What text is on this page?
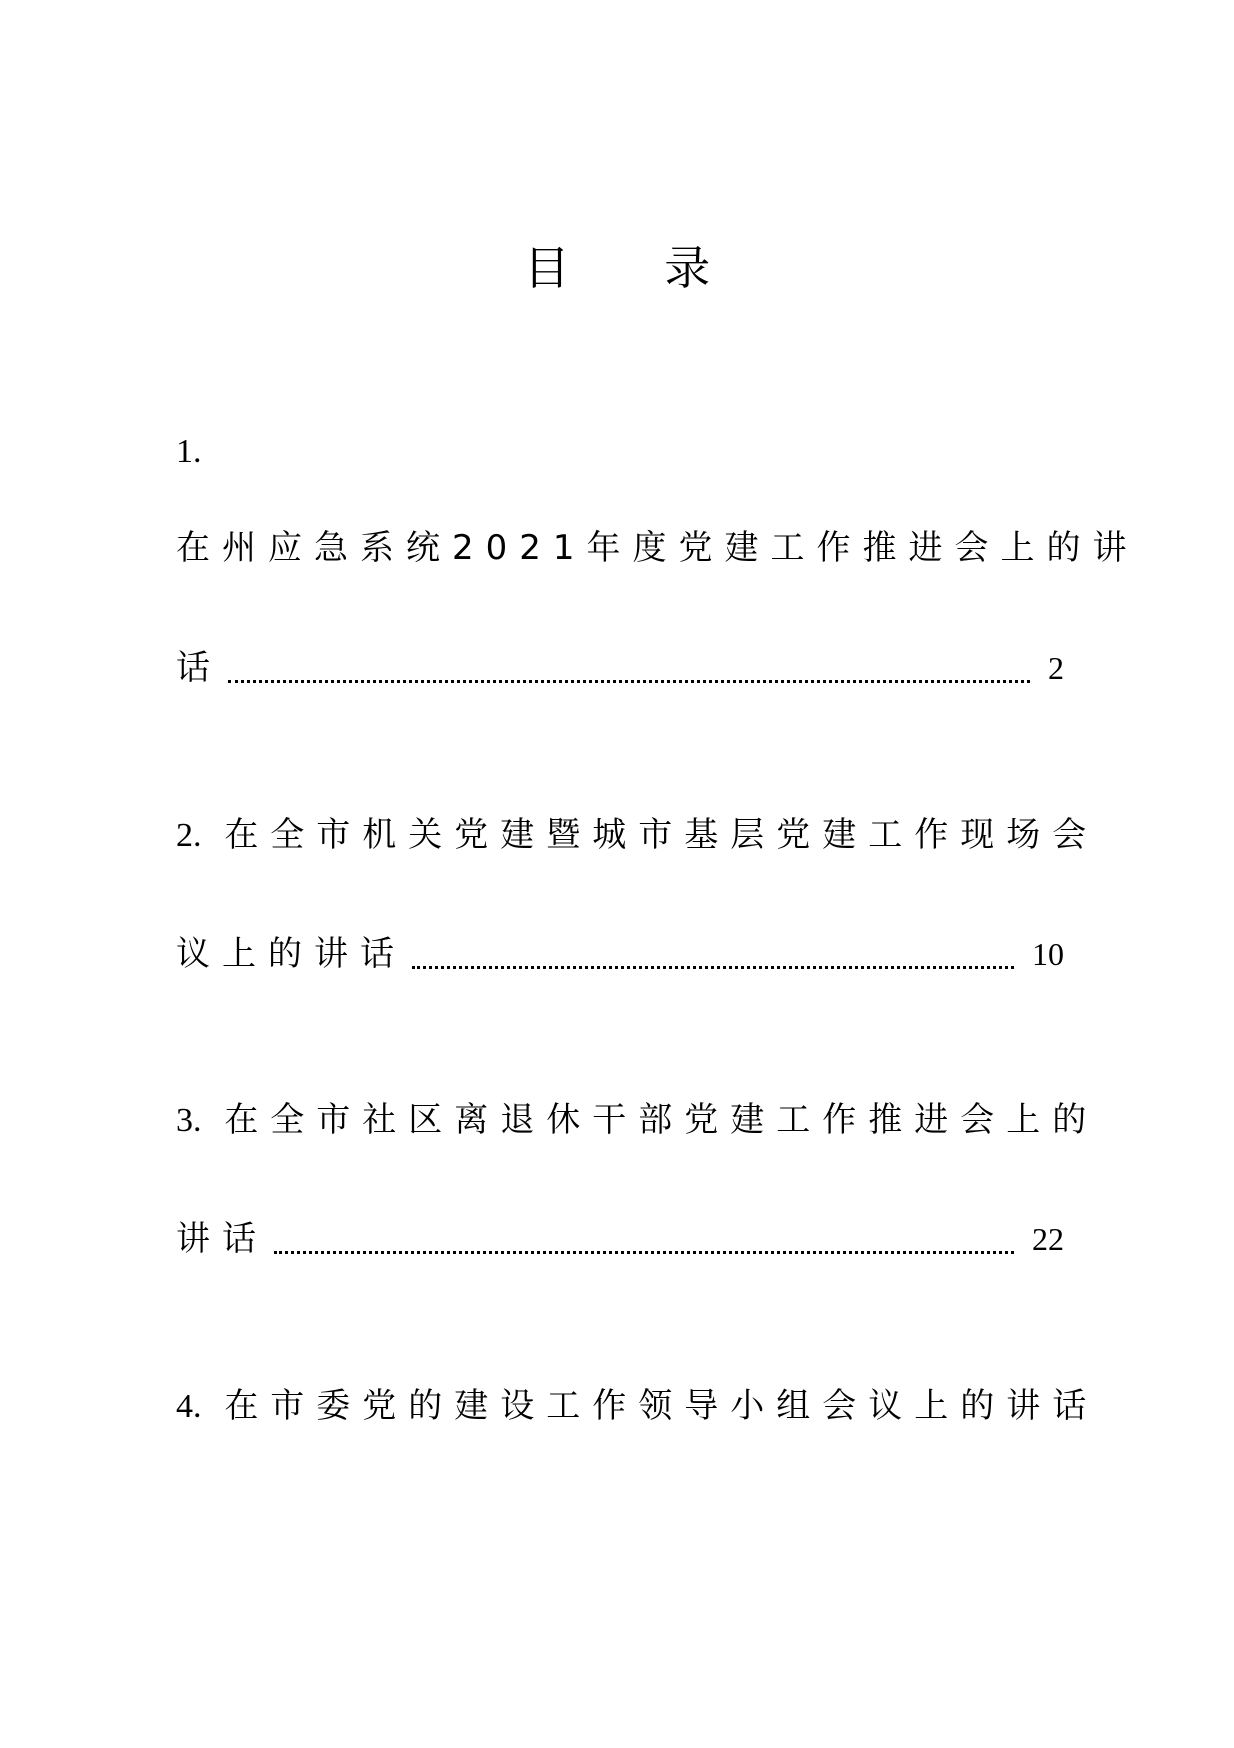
目 录
1.
在州应急系统2021年度党建工作推进会上的讲
话	2
2. 在全市机关党建暨城市基层党建工作现场会
议上的讲话	10
3. 在全市社区离退休干部党建工作推进会上的
讲话	22
4. 在市委党的建设工作领导小组会议上的讲话
